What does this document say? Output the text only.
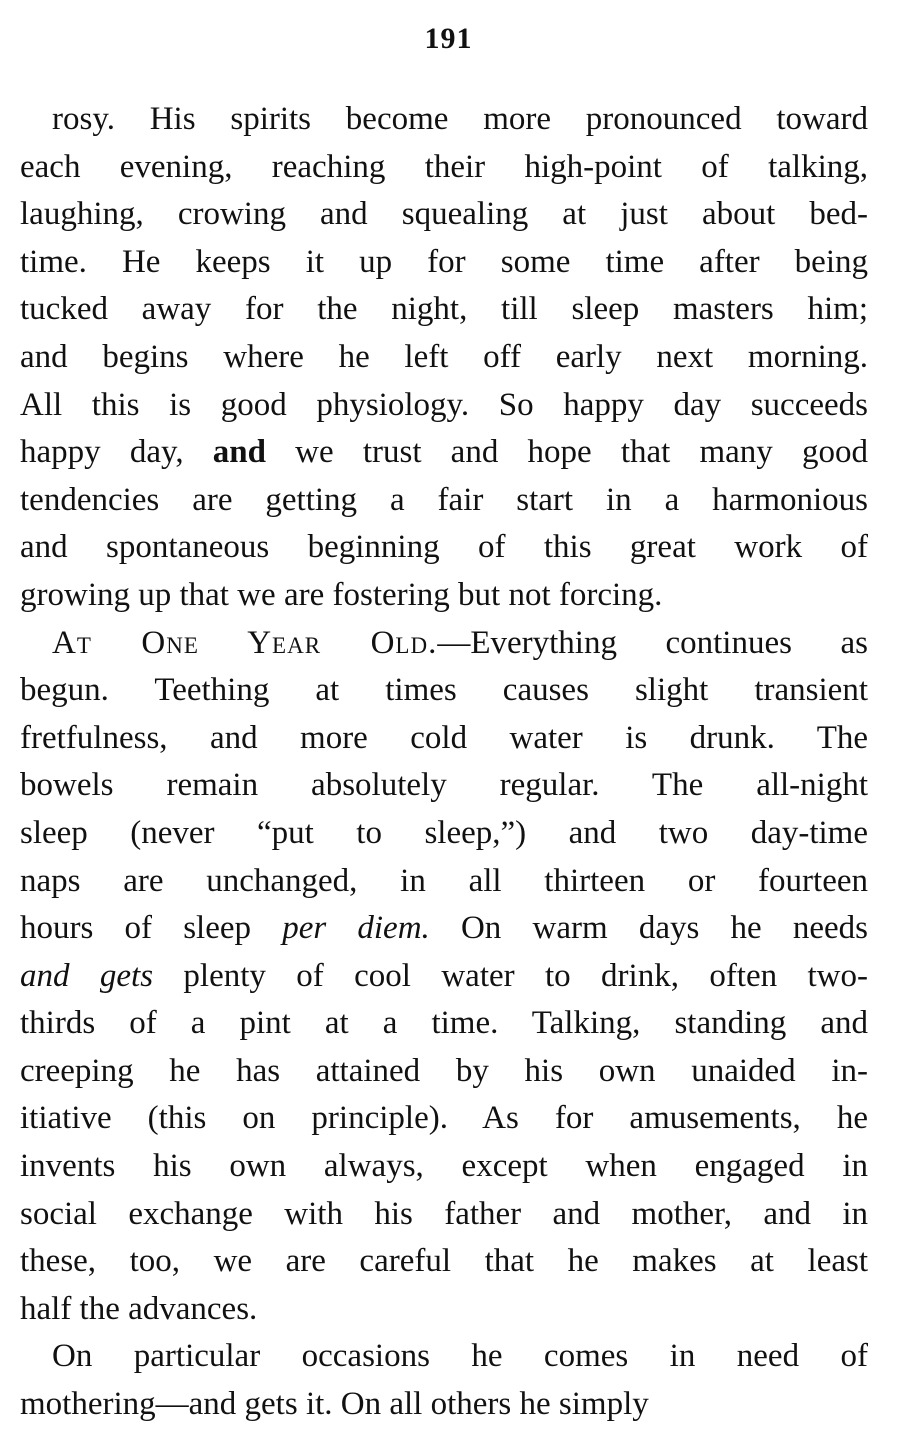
191
rosy. His spirits become more pronounced toward
each evening, reaching their high-point of talking,
laughing, crowing and squealing at just about bed-
time. He keeps it up for some time after being
tucked away for the night, till sleep masters him;
and begins where he left off early next morning.
All this is good physiology. So happy day succeeds
happy day, and we trust and hope that many good
tendencies are getting a fair start in a harmonious
and spontaneous beginning of this great work of
growing up that we are fostering but not forcing.
At One Year Old.—Everything continues as
begun. Teething at times causes slight transient
fretfulness, and more cold water is drunk. The
bowels remain absolutely regular. The all-night
sleep (never “put to sleep,”) and two day-time
naps are unchanged, in all thirteen or fourteen
hours of sleep per diem. On warm days he needs
and gets plenty of cool water to drink, often two-
thirds of a pint at a time. Talking, standing and
creeping he has attained by his own unaided in-
itiative (this on principle). As for amusements, he
invents his own always, except when engaged in
social exchange with his father and mother, and in
these, too, we are careful that he makes at least
half the advances.
On particular occasions he comes in need of
mothering—and gets it. On all others he simply
